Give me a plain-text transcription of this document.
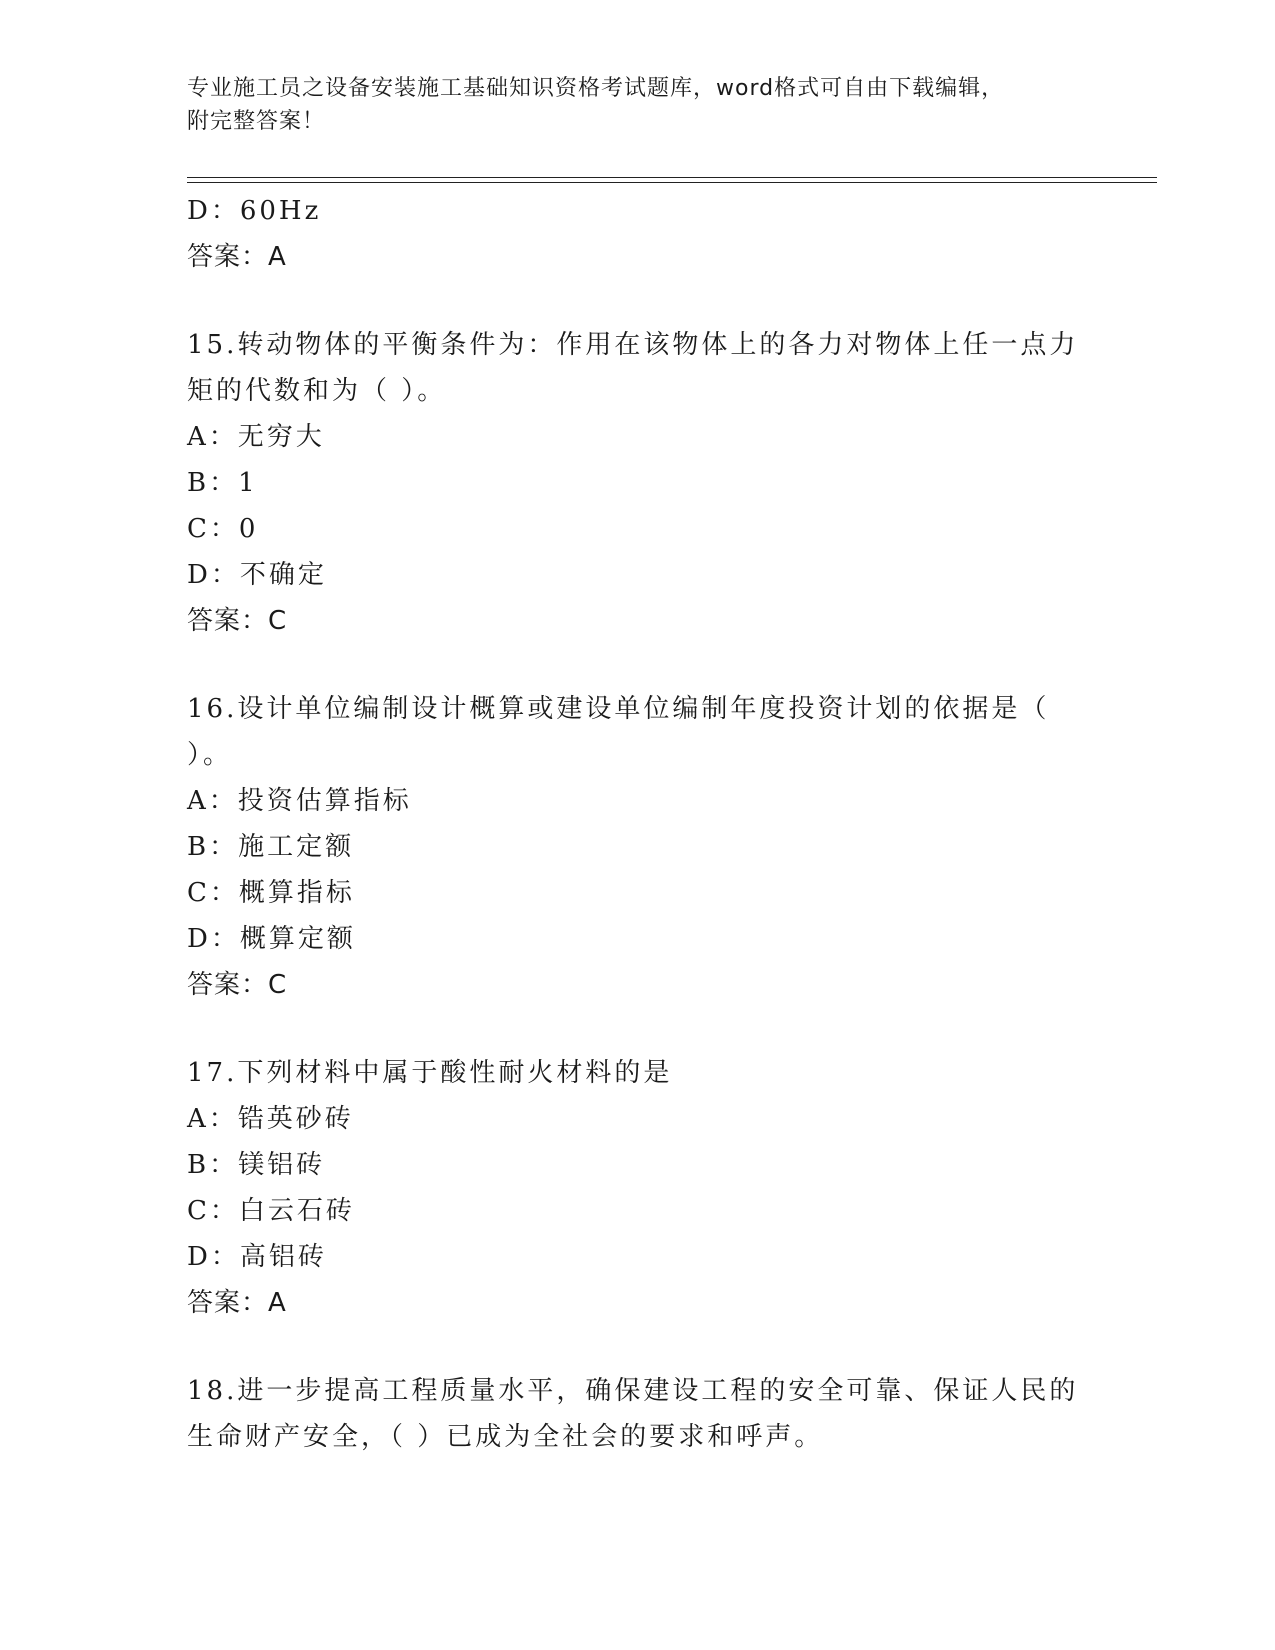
专业施工员之设备安装施工基础知识资格考试题库，word格式可自由下载编辑，
附完整答案！
D：60Hz
答案：A
15.转动物体的平衡条件为：作用在该物体上的各力对物体上任一点力
矩的代数和为（ ）。
A：无穷大
B：1
C：0
D：不确定
答案：C
16.设计单位编制设计概算或建设单位编制年度投资计划的依据是（
）。
A：投资估算指标
B：施工定额
C：概算指标
D：概算定额
答案：C
17.下列材料中属于酸性耐火材料的是
A：锆英砂砖
B：镁铝砖
C：白云石砖
D：高铝砖
答案：A
18.进一步提高工程质量水平，确保建设工程的安全可靠、保证人民的
生命财产安全，（ ）已成为全社会的要求和呼声。
